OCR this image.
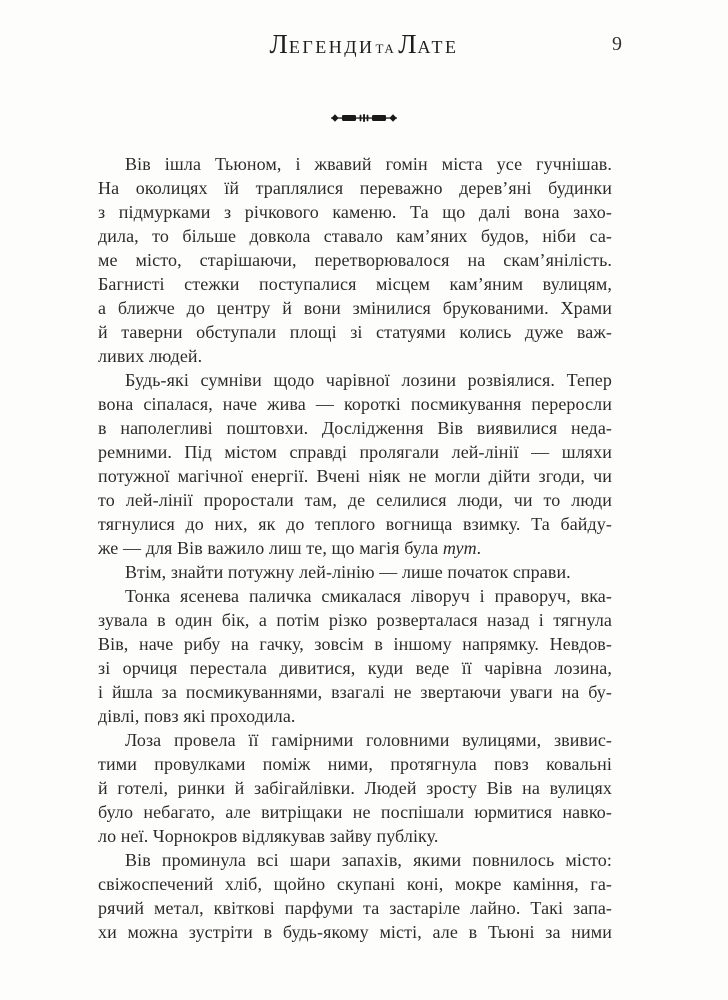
ЛЕГЕНДИТА ЛАТЕ	9
Вів ішла Тьюном, і жвавий гомін міста усе гучнішав.
На околицях їй траплялися переважно дерев’яні будинки
з підмурками з річкового каменю. Та що далі вона захо-
дила, то більше довкола ставало кам’яних будов, ніби са-
ме місто, старішаючи, перетворювалося на скам’янілість.
Багнисті стежки поступалися місцем кам’яним вулицям,
а ближче до центру й вони змінилися брукованими. Храми
й таверни обступали площі зі статуями колись дуже важ-
ливих людей.
Будь-які сумніви щодо чарівної лозини розвіялися. Тепер
вона сіпалася, наче жива — короткі посмикування переросли
в наполегливі поштовхи. Дослідження Вів виявилися неда-
ремними. Під містом справді пролягали лей-лінії — шляхи
потужної магічної енергії. Вчені ніяк не могли дійти згоди, чи
то лей-лінії проростали там, де селилися люди, чи то люди
тягнулися до них, як до теплого вогнища взимку. Та байду-
же — для Вів важило лиш те, що магія була тут.
Втім, знайти потужну лей-лінію — лише початок справи.
Тонка ясенева паличка смикалася ліворуч і праворуч, вка-
зувала в один бік, а потім різко розверталася назад і тягнула
Вів, наче рибу на гачку, зовсім в іншому напрямку. Невдов-
зі орчиця перестала дивитися, куди веде її чарівна лозина,
і йшла за посмикуваннями, взагалі не звертаючи уваги на бу-
дівлі, повз які проходила.
Лоза провела її гамірними головними вулицями, звивис-
тими провулками поміж ними, протягнула повз ковальні
й готелі, ринки й забігайлівки. Людей зросту Вів на вулицях
було небагато, але витріщаки не поспішали юрмитися навко-
ло неї. Чорнокров відлякував зайву публіку.
Вів проминула всі шари запахів, якими повнилось місто:
свіжоспечений хліб, щойно скупані коні, мокре каміння, га-
рячий метал, квіткові парфуми та застаріле лайно. Такі запа-
хи можна зустріти в будь-якому місті, але в Тьюні за ними
